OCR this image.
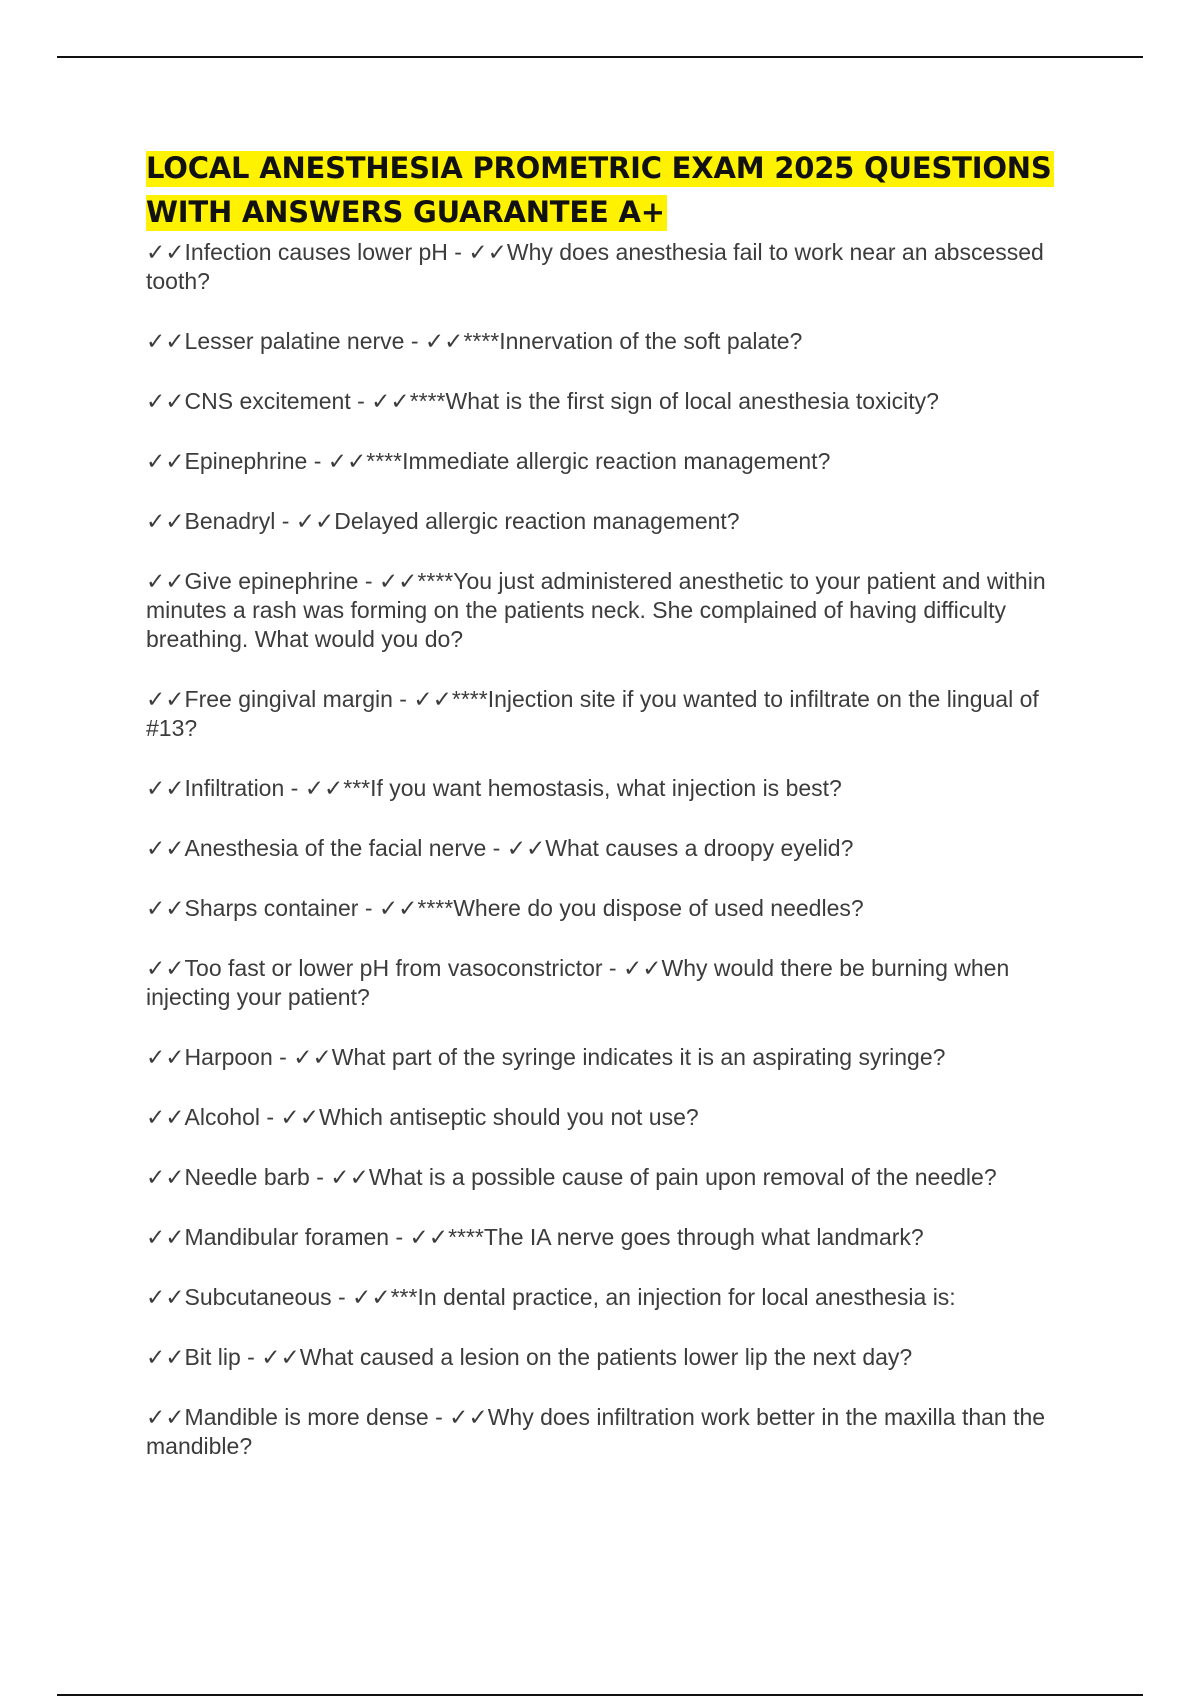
LOCAL ANESTHESIA PROMETRIC EXAM 2025 QUESTIONS WITH ANSWERS GUARANTEE A+

✓✓Infection causes lower pH - ✓✓Why does anesthesia fail to work near an abscessed tooth?

✓✓Lesser palatine nerve - ✓✓****Innervation of the soft palate?

✓✓CNS excitement - ✓✓****What is the first sign of local anesthesia toxicity?

✓✓Epinephrine - ✓✓****Immediate allergic reaction management?

✓✓Benadryl - ✓✓Delayed allergic reaction management?

✓✓Give epinephrine - ✓✓****You just administered anesthetic to your patient and within minutes a rash was forming on the patients neck. She complained of having difficulty breathing. What would you do?

✓✓Free gingival margin - ✓✓****Injection site if you wanted to infiltrate on the lingual of #13?

✓✓Infiltration - ✓✓***If you want hemostasis, what injection is best?

✓✓Anesthesia of the facial nerve - ✓✓What causes a droopy eyelid?

✓✓Sharps container - ✓✓****Where do you dispose of used needles?

✓✓Too fast or lower pH from vasoconstrictor - ✓✓Why would there be burning when injecting your patient?

✓✓Harpoon - ✓✓What part of the syringe indicates it is an aspirating syringe?

✓✓Alcohol - ✓✓Which antiseptic should you not use?

✓✓Needle barb - ✓✓What is a possible cause of pain upon removal of the needle?

✓✓Mandibular foramen - ✓✓****The IA nerve goes through what landmark?

✓✓Subcutaneous - ✓✓***In dental practice, an injection for local anesthesia is:

✓✓Bit lip - ✓✓What caused a lesion on the patients lower lip the next day?

✓✓Mandible is more dense - ✓✓Why does infiltration work better in the maxilla than the mandible?
